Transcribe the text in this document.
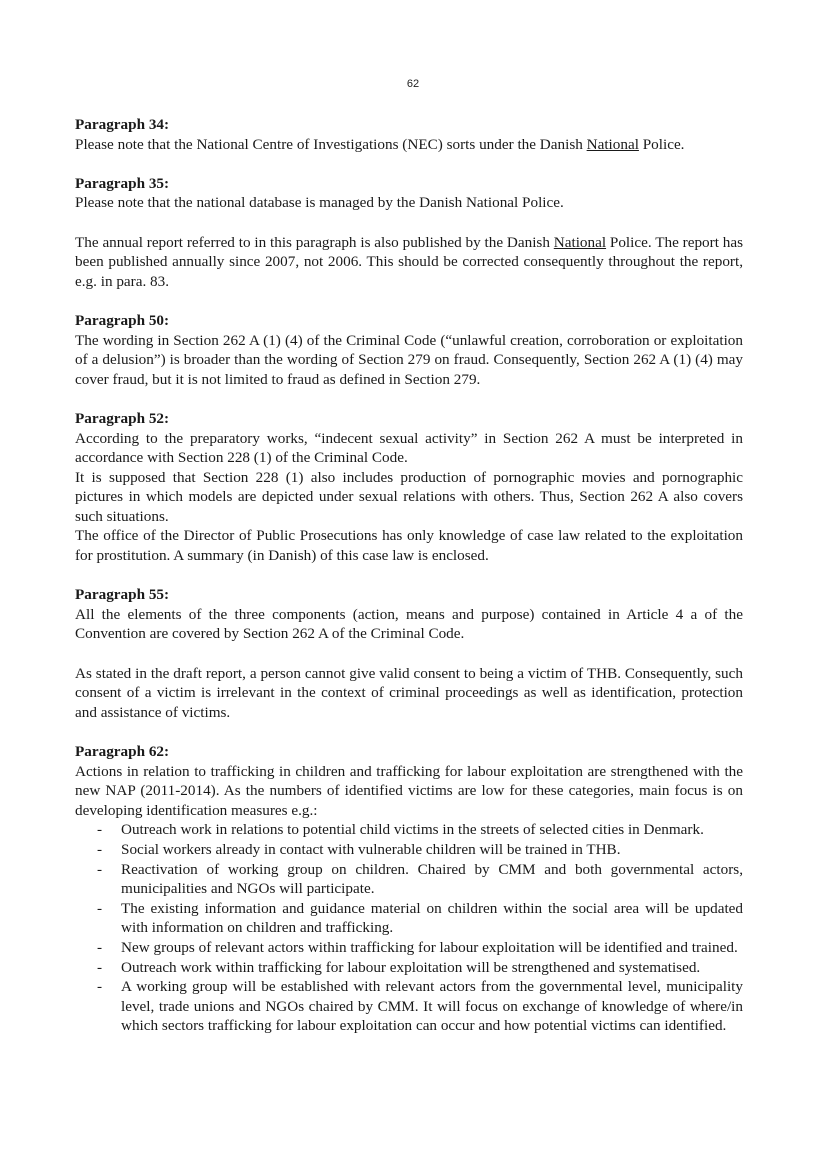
62
Paragraph 34:

Please note that the National Centre of Investigations (NEC) sorts under the Danish National Police.

Paragraph 35:

Please note that the national database is managed by the Danish National Police.

The annual report referred to in this paragraph is also published by the Danish National Police. The report has been published annually since 2007, not 2006. This should be corrected consequently throughout the report, e.g. in para. 83.

Paragraph 50:

The wording in Section 262 A (1) (4) of the Criminal Code (“unlawful creation, corroboration or exploitation of a delusion”) is broader than the wording of Section 279 on fraud. Consequently, Section 262 A (1) (4) may cover fraud, but it is not limited to fraud as defined in Section 279.

Paragraph 52:

According to the preparatory works, “indecent sexual activity” in Section 262 A must be interpreted in accordance with Section 228 (1) of the Criminal Code.

It is supposed that Section 228 (1) also includes production of pornographic movies and pornographic pictures in which models are depicted under sexual relations with others. Thus, Section 262 A also covers such situations.

The office of the Director of Public Prosecutions has only knowledge of case law related to the exploitation for prostitution. A summary (in Danish) of this case law is enclosed.

Paragraph 55:

All the elements of the three components (action, means and purpose) contained in Article 4 a of the Convention are covered by Section 262 A of the Criminal Code.

As stated in the draft report, a person cannot give valid consent to being a victim of THB. Consequently, such consent of a victim is irrelevant in the context of criminal proceedings as well as identification, protection and assistance of victims.

Paragraph 62:

Actions in relation to trafficking in children and trafficking for labour exploitation are strengthened with the new NAP (2011-2014). As the numbers of identified victims are low for these categories, main focus is on developing identification measures e.g.:

- Outreach work in relations to potential child victims in the streets of selected cities in Denmark.
- Social workers already in contact with vulnerable children will be trained in THB.
- Reactivation of working group on children. Chaired by CMM and both governmental actors, municipalities and NGOs will participate.
- The existing information and guidance material on children within the social area will be updated with information on children and trafficking.
- New groups of relevant actors within trafficking for labour exploitation will be identified and trained.
- Outreach work within trafficking for labour exploitation will be strengthened and systematised.
- A working group will be established with relevant actors from the governmental level, municipality level, trade unions and NGOs chaired by CMM. It will focus on exchange of knowledge of where/in which sectors trafficking for labour exploitation can occur and how potential victims can identified.
